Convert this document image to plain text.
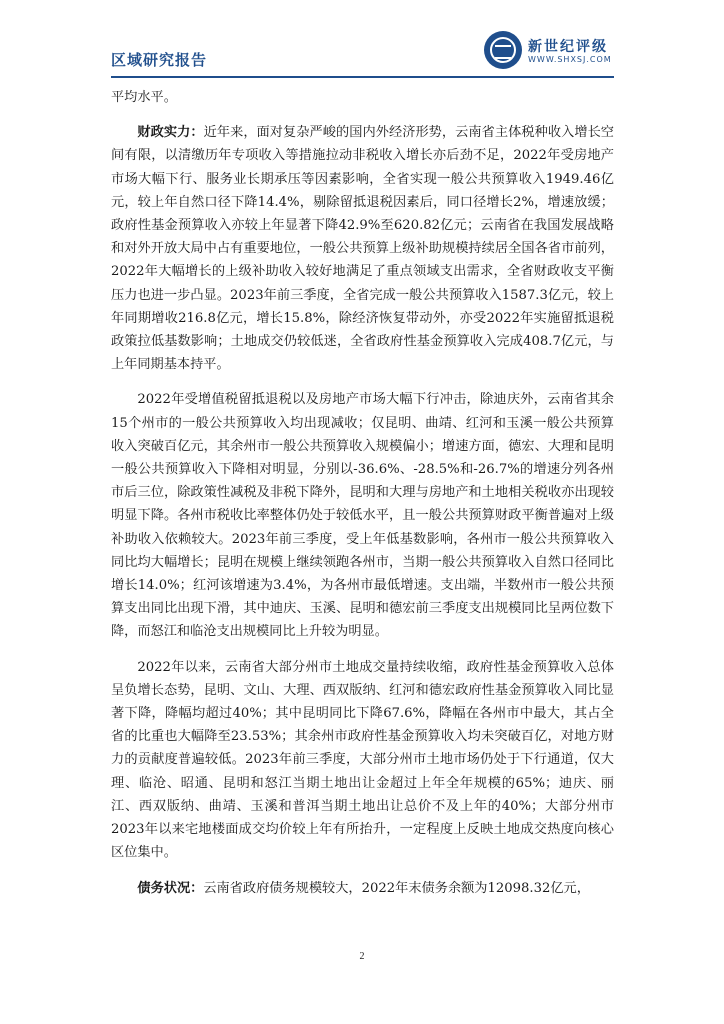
区域研究报告
新世纪评级
WWW.SHXSJ.COM

平均水平。

财政实力：近年来，面对复杂严峻的国内外经济形势，云南省主体税种收入增长空间有限，以清缴历年专项收入等措施拉动非税收入增长亦后劲不足，2022年受房地产市场大幅下行、服务业长期承压等因素影响，全省实现一般公共预算收入1949.46亿元，较上年自然口径下降14.4%，剔除留抵退税因素后，同口径增长2%，增速放缓；政府性基金预算收入亦较上年显著下降42.9%至620.82亿元；云南省在我国发展战略和对外开放大局中占有重要地位，一般公共预算上级补助规模持续居全国各省市前列，2022年大幅增长的上级补助收入较好地满足了重点领域支出需求，全省财政收支平衡压力也进一步凸显。2023年前三季度，全省完成一般公共预算收入1587.3亿元，较上年同期增收216.8亿元，增长15.8%，除经济恢复带动外，亦受2022年实施留抵退税政策拉低基数影响；土地成交仍较低迷，全省政府性基金预算收入完成408.7亿元，与上年同期基本持平。

2022年受增值税留抵退税以及房地产市场大幅下行冲击，除迪庆外，云南省其余15个州市的一般公共预算收入均出现减收；仅昆明、曲靖、红河和玉溪一般公共预算收入突破百亿元，其余州市一般公共预算收入规模偏小；增速方面，德宏、大理和昆明一般公共预算收入下降相对明显，分别以-36.6%、-28.5%和-26.7%的增速分列各州市后三位，除政策性减税及非税下降外，昆明和大理与房地产和土地相关税收亦出现较明显下降。各州市税收比率整体仍处于较低水平，且一般公共预算财政平衡普遍对上级补助收入依赖较大。2023年前三季度，受上年低基数影响，各州市一般公共预算收入同比均大幅增长；昆明在规模上继续领跑各州市，当期一般公共预算收入自然口径同比增长14.0%；红河该增速为3.4%，为各州市最低增速。支出端，半数州市一般公共预算支出同比出现下滑，其中迪庆、玉溪、昆明和德宏前三季度支出规模同比呈两位数下降，而怒江和临沧支出规模同比上升较为明显。

2022年以来，云南省大部分州市土地成交量持续收缩，政府性基金预算收入总体呈负增长态势，昆明、文山、大理、西双版纳、红河和德宏政府性基金预算收入同比显著下降，降幅均超过40%；其中昆明同比下降67.6%，降幅在各州市中最大，其占全省的比重也大幅降至23.53%；其余州市政府性基金预算收入均未突破百亿，对地方财力的贡献度普遍较低。2023年前三季度，大部分州市土地市场仍处于下行通道，仅大理、临沧、昭通、昆明和怒江当期土地出让金超过上年全年规模的65%；迪庆、丽江、西双版纳、曲靖、玉溪和普洱当期土地出让总价不及上年的40%；大部分州市2023年以来宅地楼面成交均价较上年有所抬升，一定程度上反映土地成交热度向核心区位集中。

债务状况：云南省政府债务规模较大，2022年末债务余额为12098.32亿元，

2
